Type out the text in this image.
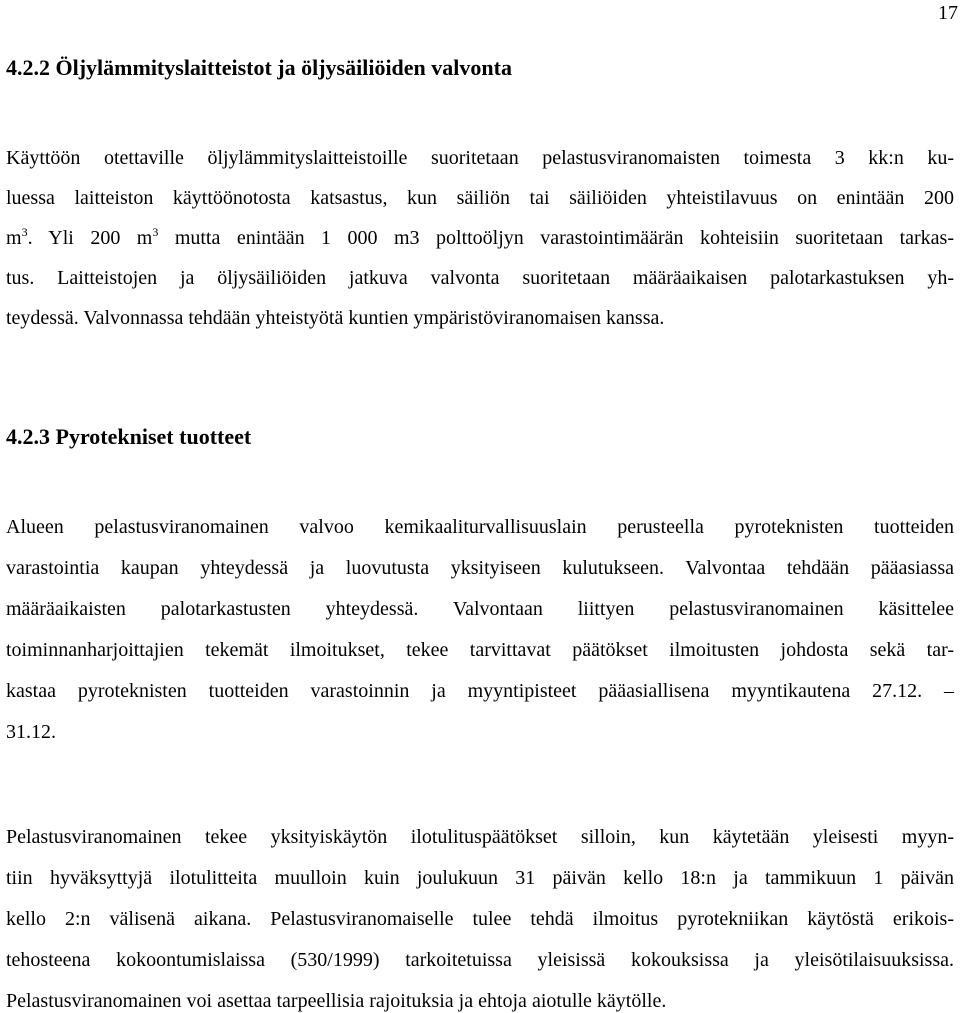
17
4.2.2 Öljylämmityslaitteistot ja öljysäiliöiden valvonta
Käyttöön otettaville öljylämmityslaitteistoille suoritetaan pelastusviranomaisten toimesta 3 kk:n ku-
luessa laitteiston käyttöönotosta katsastus, kun säiliön tai säiliöiden yhteistilavuus on enintään 200
$m^3$. Yli 200 $m^3$ mutta enintään 1 000 m3 polttoöljyn varastointimäärän kohteisiin suoritetaan tarkas-
tus. Laitteistojen ja öljysäiliöiden jatkuva valvonta suoritetaan määräaikaisen palotarkastuksen yh-
teydessä. Valvonnassa tehdään yhteistyötä kuntien ympäristöviranomaisen kanssa.
4.2.3 Pyrotekniset tuotteet
Alueen pelastusviranomainen valvoo kemikaaliturvallisuuslain perusteella pyroteknisten tuotteiden
varastointia kaupan yhteydessä ja luovutusta yksityiseen kulutukseen. Valvontaa tehdään pääasiassa
määräaikaisten palotarkastusten yhteydessä. Valvontaan liittyen pelastusviranomainen käsittelee
toiminnanharjoittajien tekemät ilmoitukset, tekee tarvittavat päätökset ilmoitusten johdosta sekä tar-
kastaa pyroteknisten tuotteiden varastoinnin ja myyntipisteet pääasiallisena myyntikautena 27.12. –
31.12.
Pelastusviranomainen tekee yksityiskäytön ilotulituspäätökset silloin, kun käytetään yleisesti myyn-
tiin hyväksyttyjä ilotulitteita muulloin kuin joulukuun 31 päivän kello 18:n ja tammikuun 1 päivän
kello 2:n välisenä aikana. Pelastusviranomaiselle tulee tehdä ilmoitus pyrotekniikan käytöstä erikois-
tehosteena kokoontumislaissa (530/1999) tarkoitetuissa yleisissä kokouksissa ja yleisötilaisuuksissa.
Pelastusviranomainen voi asettaa tarpeellisia rajoituksia ja ehtoja aiotulle käytölle.
